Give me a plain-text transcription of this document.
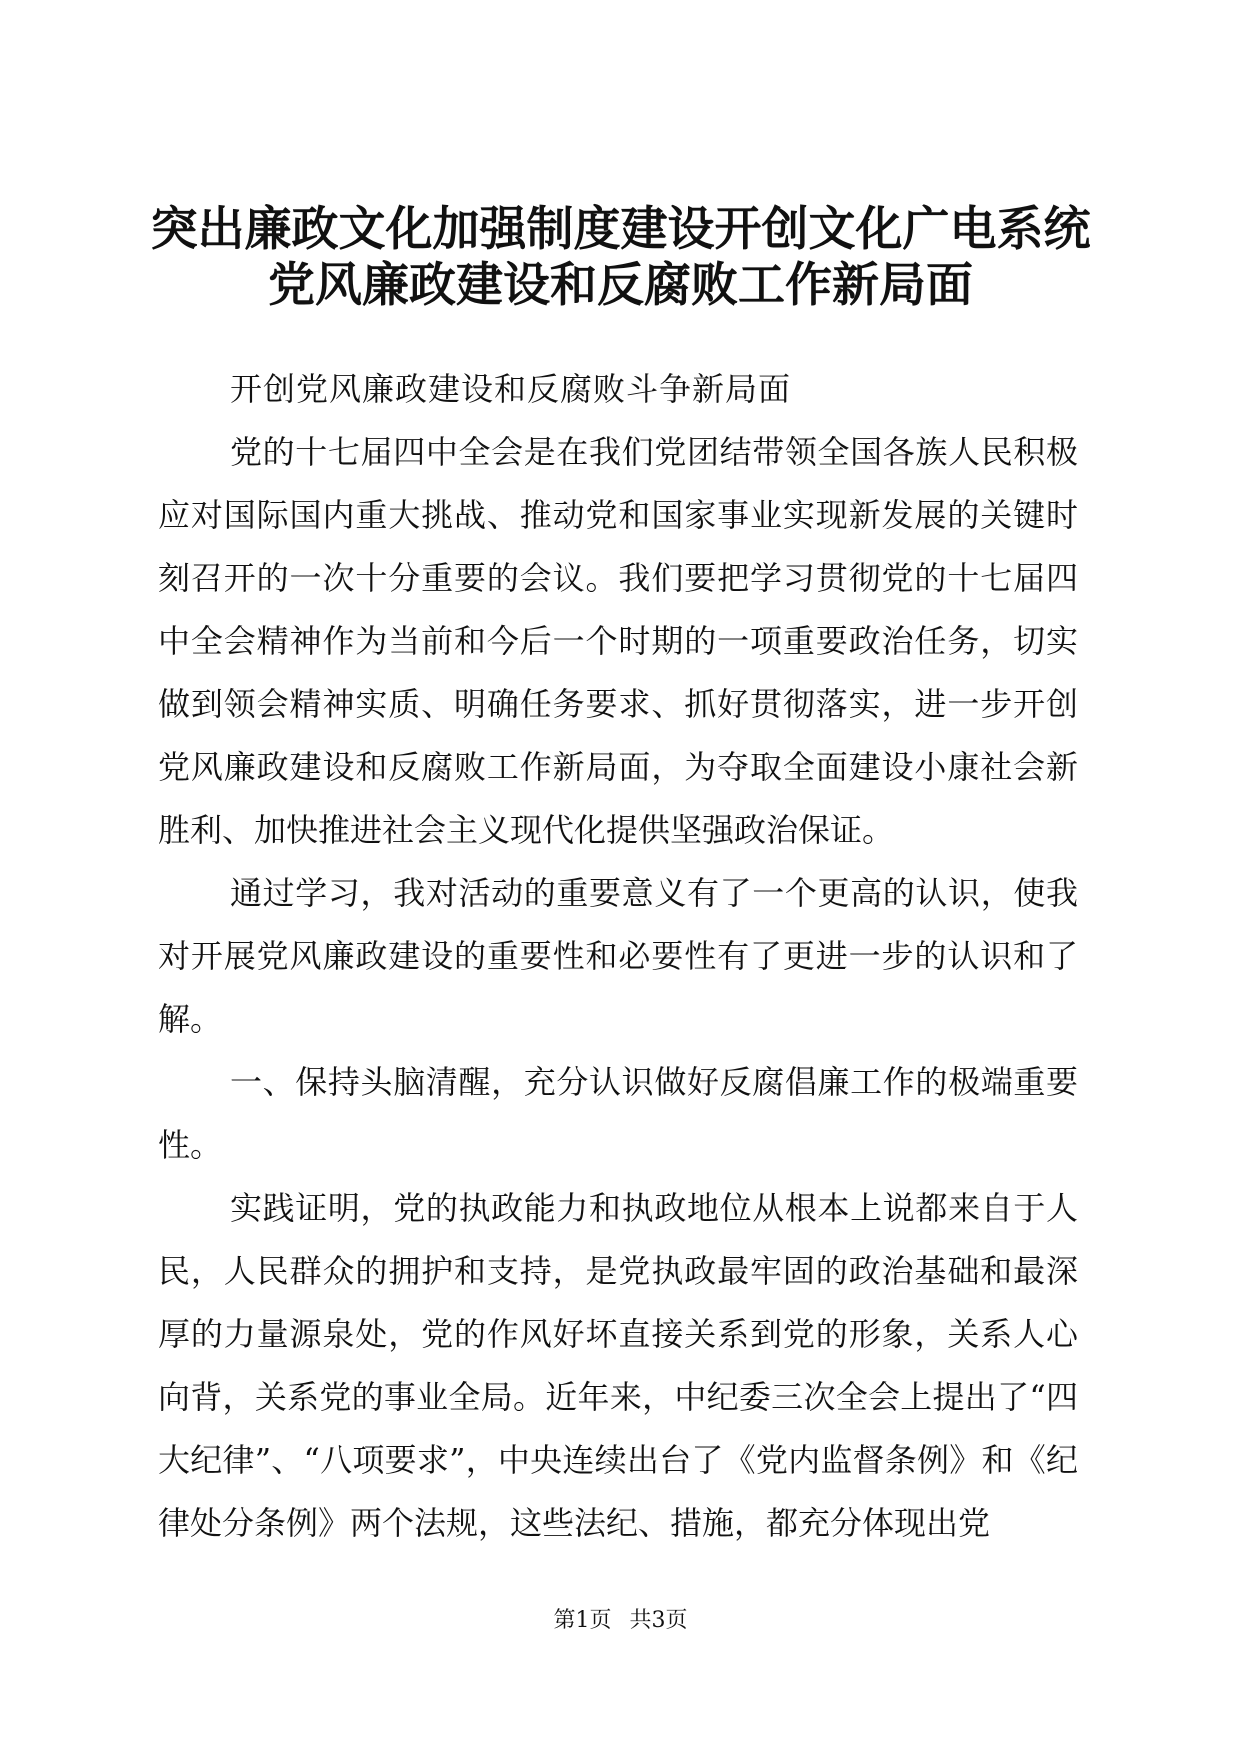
突出廉政文化加强制度建设开创文化广电系统
党风廉政建设和反腐败工作新局面

开创党风廉政建设和反腐败斗争新局面

党的十七届四中全会是在我们党团结带领全国各族人民积极应对国际国内重大挑战、推动党和国家事业实现新发展的关键时刻召开的一次十分重要的会议。我们要把学习贯彻党的十七届四中全会精神作为当前和今后一个时期的一项重要政治任务，切实做到领会精神实质、明确任务要求、抓好贯彻落实，进一步开创党风廉政建设和反腐败工作新局面，为夺取全面建设小康社会新胜利、加快推进社会主义现代化提供坚强政治保证。

通过学习，我对活动的重要意义有了一个更高的认识，使我对开展党风廉政建设的重要性和必要性有了更进一步的认识和了解。

一、保持头脑清醒，充分认识做好反腐倡廉工作的极端重要性。

实践证明，党的执政能力和执政地位从根本上说都来自于人民，人民群众的拥护和支持，是党执政最牢固的政治基础和最深厚的力量源泉处，党的作风好坏直接关系到党的形象，关系人心向背，关系党的事业全局。近年来，中纪委三次全会上提出了“四大纪律”、“八项要求”，中央连续出台了《党内监督条例》和《纪律处分条例》两个法规，这些法纪、措施，都充分体现出党

第1页 共3页
